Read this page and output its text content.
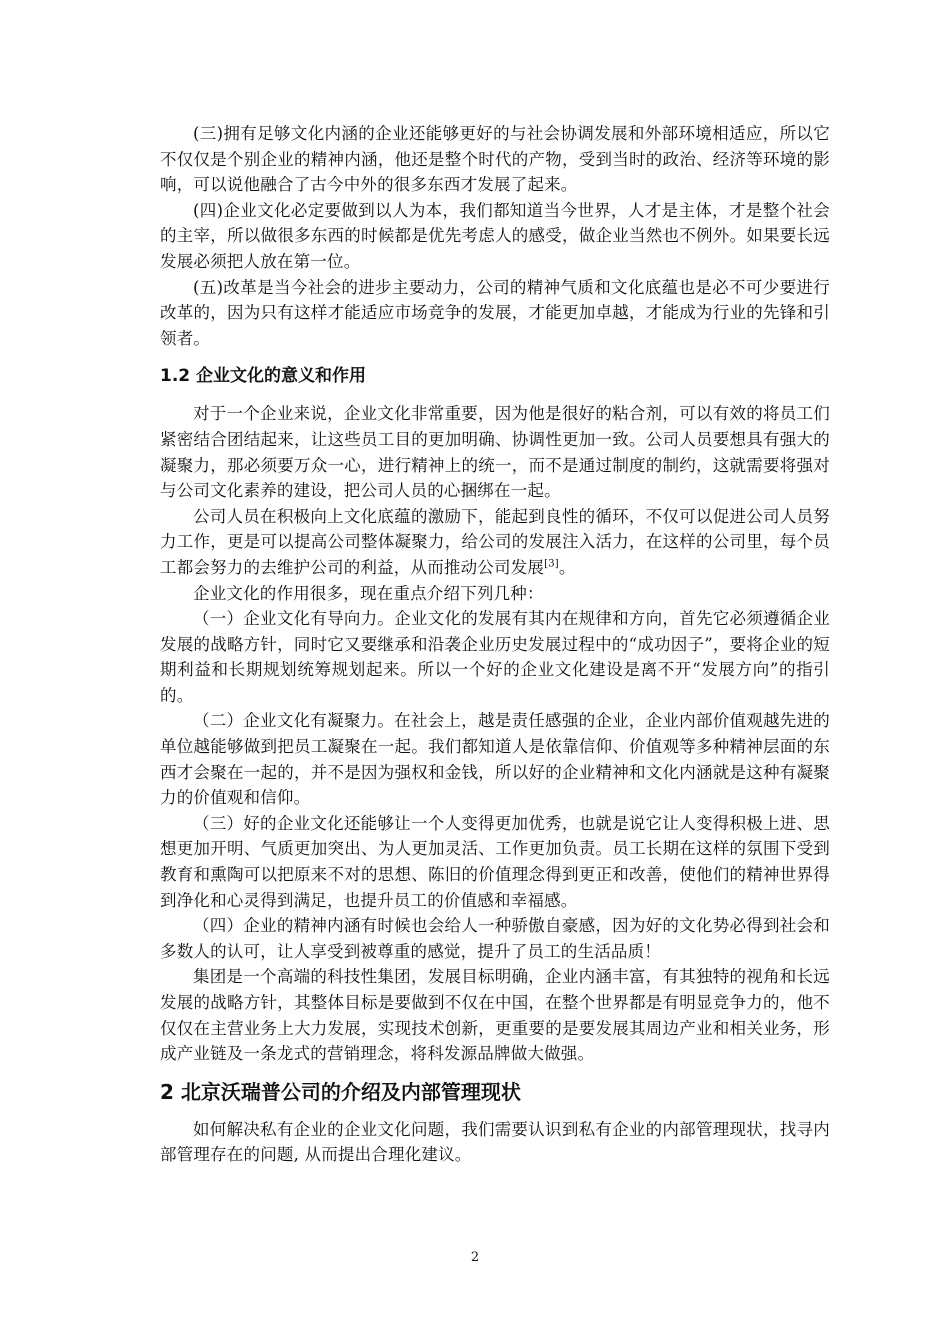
(三)拥有足够文化内涵的企业还能够更好的与社会协调发展和外部环境相适应，所以它不仅仅是个别企业的精神内涵，他还是整个时代的产物，受到当时的政治、经济等环境的影响，可以说他融合了古今中外的很多东西才发展了起来。

(四)企业文化必定要做到以人为本，我们都知道当今世界，人才是主体，才是整个社会的主宰，所以做很多东西的时候都是优先考虑人的感受，做企业当然也不例外。如果要长远发展必须把人放在第一位。

(五)改革是当今社会的进步主要动力，公司的精神气质和文化底蕴也是必不可少要进行改革的，因为只有这样才能适应市场竞争的发展，才能更加卓越，才能成为行业的先锋和引领者。

1.2 企业文化的意义和作用

对于一个企业来说，企业文化非常重要，因为他是很好的粘合剂，可以有效的将员工们紧密结合团结起来，让这些员工目的更加明确、协调性更加一致。公司人员要想具有强大的凝聚力，那必须要万众一心，进行精神上的统一，而不是通过制度的制约，这就需要将强对与公司文化素养的建设，把公司人员的心捆绑在一起。

公司人员在积极向上文化底蕴的激励下，能起到良性的循环，不仅可以促进公司人员努力工作，更是可以提高公司整体凝聚力，给公司的发展注入活力，在这样的公司里，每个员工都会努力的去维护公司的利益，从而推动公司发展[3]。

企业文化的作用很多，现在重点介绍下列几种：

（一）企业文化有导向力。企业文化的发展有其内在规律和方向，首先它必须遵循企业发展的战略方针，同时它又要继承和沿袭企业历史发展过程中的“成功因子”，要将企业的短期利益和长期规划统筹规划起来。所以一个好的企业文化建设是离不开“发展方向”的指引的。

（二）企业文化有凝聚力。在社会上，越是责任感强的企业，企业内部价值观越先进的单位越能够做到把员工凝聚在一起。我们都知道人是依靠信仰、价值观等多种精神层面的东西才会聚在一起的，并不是因为强权和金钱，所以好的企业精神和文化内涵就是这种有凝聚力的价值观和信仰。

（三）好的企业文化还能够让一个人变得更加优秀，也就是说它让人变得积极上进、思想更加开明、气质更加突出、为人更加灵活、工作更加负责。员工长期在这样的氛围下受到教育和熏陶可以把原来不对的思想、陈旧的价值理念得到更正和改善，使他们的精神世界得到净化和心灵得到满足，也提升员工的价值感和幸福感。

（四）企业的精神内涵有时候也会给人一种骄傲自豪感，因为好的文化势必得到社会和多数人的认可，让人享受到被尊重的感觉，提升了员工的生活品质！

集团是一个高端的科技性集团，发展目标明确，企业内涵丰富，有其独特的视角和长远发展的战略方针，其整体目标是要做到不仅在中国，在整个世界都是有明显竞争力的，他不仅仅在主营业务上大力发展，实现技术创新，更重要的是要发展其周边产业和相关业务，形成产业链及一条龙式的营销理念，将科发源品牌做大做强。

2 北京沃瑞普公司的介绍及内部管理现状

如何解决私有企业的企业文化问题，我们需要认识到私有企业的内部管理现状，找寻内部管理存在的问题, 从而提出合理化建议。

2
